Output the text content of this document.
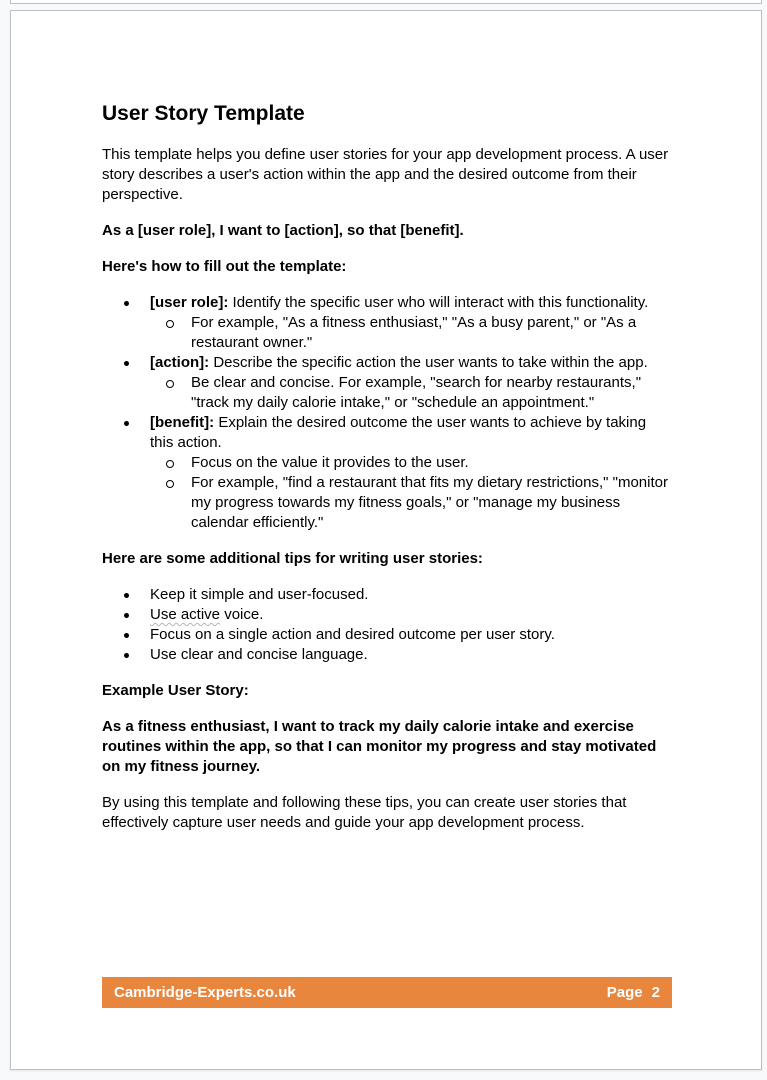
User Story Template

This template helps you define user stories for your app development process. A user story describes a user's action within the app and the desired outcome from their perspective.

As a [user role], I want to [action], so that [benefit].

Here's how to fill out the template:

[user role]: Identify the specific user who will interact with this functionality.
For example, "As a fitness enthusiast," "As a busy parent," or "As a restaurant owner."
[action]: Describe the specific action the user wants to take within the app.
Be clear and concise. For example, "search for nearby restaurants," "track my daily calorie intake," or "schedule an appointment."
[benefit]: Explain the desired outcome the user wants to achieve by taking this action.
Focus on the value it provides to the user.
For example, "find a restaurant that fits my dietary restrictions," "monitor my progress towards my fitness goals," or "manage my business calendar efficiently."

Here are some additional tips for writing user stories:

Keep it simple and user-focused.
Use active voice.
Focus on a single action and desired outcome per user story.
Use clear and concise language.

Example User Story:

As a fitness enthusiast, I want to track my daily calorie intake and exercise routines within the app, so that I can monitor my progress and stay motivated on my fitness journey.

By using this template and following these tips, you can create user stories that effectively capture user needs and guide your app development process.

Cambridge-Experts.co.uk	Page 2
